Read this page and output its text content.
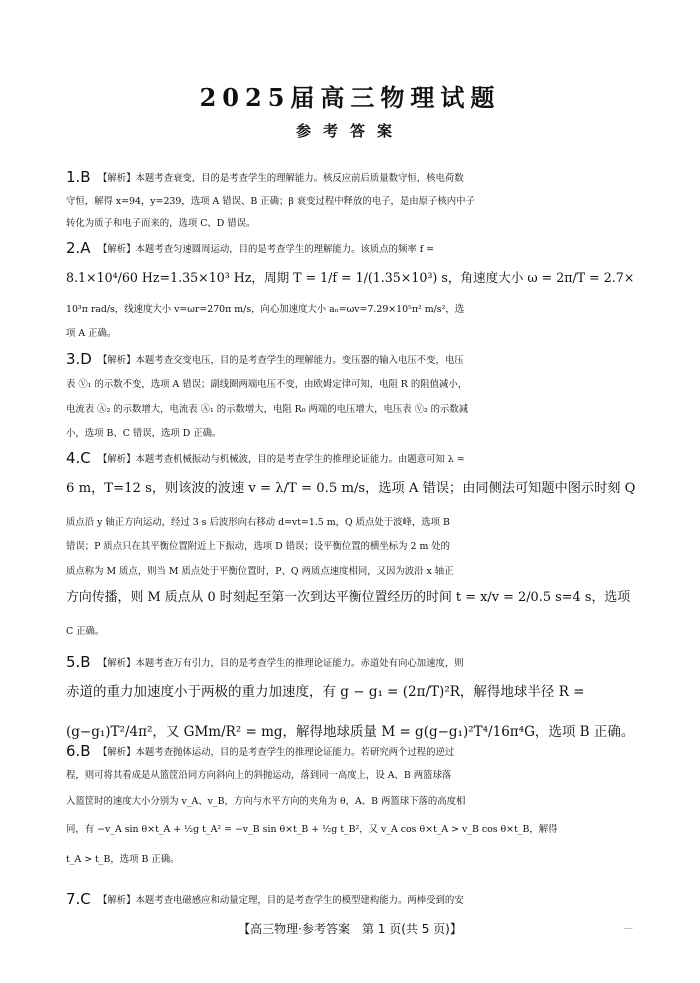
2025届高三物理试题
参考答案
1.B 【解析】本题考查衰变，目的是考查学生的理解能力。核反应前后质量数守恒，核电荷数
守恒，解得 x=94，y=239，选项 A 错误、B 正确；β 衰变过程中释放的电子，是由原子核内中子
转化为质子和电子而来的，选项 C、D 错误。
2.A 【解析】本题考查匀速圆周运动，目的是考查学生的理解能力。该质点的频率 f =
8.1×10⁴/60 Hz=1.35×10³ Hz，周期 T = 1/f = 1/(1.35×10³) s，角速度大小 ω = 2π/T = 2.7×
10³π rad/s，线速度大小 v=ωr=270π m/s，向心加速度大小 aₙ=ωv=7.29×10⁵π² m/s²，选
项 A 正确。
3.D 【解析】本题考查交变电压，目的是考查学生的理解能力。变压器的输入电压不变，电压
表 Ⓥ₁ 的示数不变，选项 A 错误；副线圈两端电压不变，由欧姆定律可知，电阻 R 的阻值减小，
电流表 Ⓐ₂ 的示数增大，电流表 Ⓐ₁ 的示数增大，电阻 R₀ 两端的电压增大，电压表 Ⓥ₂ 的示数减
小，选项 B、C 错误，选项 D 正确。
4.C 【解析】本题考查机械振动与机械波，目的是考查学生的推理论证能力。由题意可知 λ =
6 m，T=12 s，则该波的波速 v = λ/T = 0.5 m/s，选项 A 错误；由同侧法可知题中图示时刻 Q
质点沿 y 轴正方向运动，经过 3 s 后波形向右移动 d=vt=1.5 m，Q 质点处于波峰，选项 B
错误；P 质点只在其平衡位置附近上下振动，选项 D 错误；设平衡位置的横坐标为 2 m 处的
质点称为 M 质点，则当 M 质点处于平衡位置时，P、Q 两质点速度相同，又因为波沿 x 轴正
方向传播，则 M 质点从 0 时刻起至第一次到达平衡位置经历的时间 t = x/v = 2/0.5 s=4 s，选项
C 正确。
5.B 【解析】本题考查万有引力，目的是考查学生的推理论证能力。赤道处有向心加速度，则
赤道的重力加速度小于两极的重力加速度，有 g − g₁ = (2π/T)²R，解得地球半径 R =
(g−g₁)T²/4π²，又 GMm/R² = mg，解得地球质量 M = g(g−g₁)²T⁴/16π⁴G，选项 B 正确。
6.B 【解析】本题考查抛体运动，目的是考查学生的推理论证能力。若研究两个过程的逆过
程，则可将其看成是从篮筐沿同方向斜向上的斜抛运动，落到同一高度上，设 A、B 两篮球落
入篮筐时的速度大小分别为 v_A、v_B，方向与水平方向的夹角为 θ，A、B 两篮球下落的高度相
同，有 −v_A sin θ×t_A + ½g t_A² = −v_B sin θ×t_B + ½g t_B²，又 v_A cos θ×t_A > v_B cos θ×t_B，解得
t_A > t_B，选项 B 正确。
7.C 【解析】本题考查电磁感应和动量定理，目的是考查学生的模型建构能力。两棒受到的安
【高三物理·参考答案　第 1 页(共 5 页)】	—
